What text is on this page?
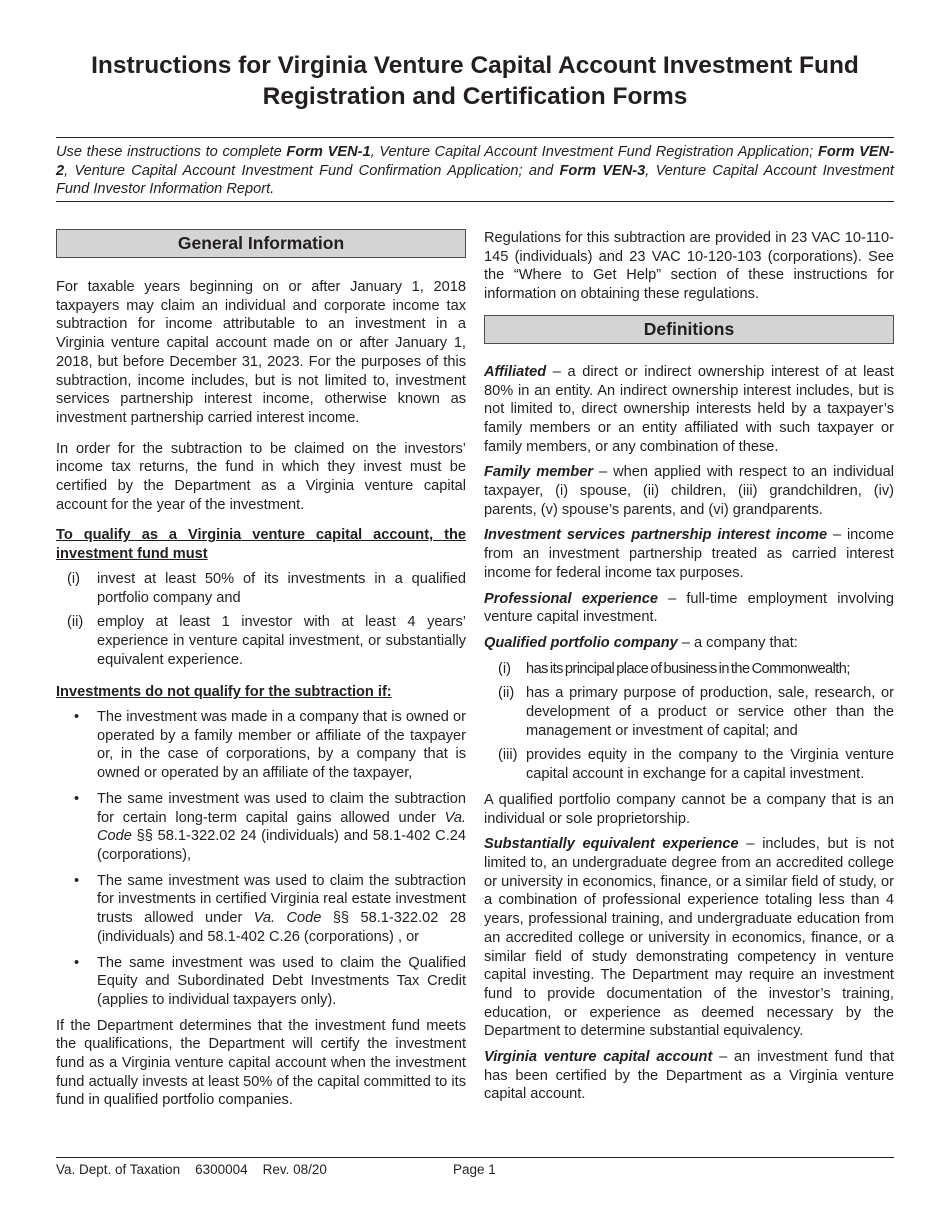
Instructions for Virginia Venture Capital Account Investment Fund Registration and Certification Forms
Use these instructions to complete Form VEN-1, Venture Capital Account Investment Fund Registration Application; Form VEN-2, Venture Capital Account Investment Fund Confirmation Application; and Form VEN-3, Venture Capital Account Investment Fund Investor Information Report.
General Information

For taxable years beginning on or after January 1, 2018 taxpayers may claim an individual and corporate income tax subtraction for income attributable to an investment in a Virginia venture capital account made on or after January 1, 2018, but before December 31, 2023. For the purposes of this subtraction, income includes, but is not limited to, investment services partnership interest income, otherwise known as investment partnership carried interest income.

In order for the subtraction to be claimed on the investors’ income tax returns, the fund in which they invest must be certified by the Department as a Virginia venture capital account for the year of the investment.

To qualify as a Virginia venture capital account, the investment fund must

(i)	invest at least 50% of its investments in a qualified portfolio company and
(ii) employ at least 1 investor with at least 4 years’ experience in venture capital investment, or substantially equivalent experience.

Investments do not qualify for the subtraction if:

•	The investment was made in a company that is owned or operated by a family member or affiliate of the taxpayer or, in the case of corporations, by a company that is owned or operated by an affiliate of the taxpayer,
•	The same investment was used to claim the subtraction for certain long-term capital gains allowed under Va. Code §§ 58.1-322.02 24 (individuals) and 58.1-402 C.24 (corporations),
•	The same investment was used to claim the subtraction for investments in certified Virginia real estate investment trusts allowed under Va. Code §§ 58.1-322.02 28 (individuals) and 58.1-402 C.26 (corporations) , or
•	The same investment was used to claim the Qualified Equity and Subordinated Debt Investments Tax Credit (applies to individual taxpayers only).

If the Department determines that the investment fund meets the qualifications, the Department will certify the investment fund as a Virginia venture capital account when the investment fund actually invests at least 50% of the capital committed to its fund in qualified portfolio companies.

Regulations for this subtraction are provided in 23 VAC 10-110-145 (individuals) and 23 VAC 10-120-103 (corporations). See the “Where to Get Help” section of these instructions for information on obtaining these regulations.

Definitions

Affiliated – a direct or indirect ownership interest of at least 80% in an entity. An indirect ownership interest includes, but is not limited to, direct ownership interests held by a taxpayer’s family members or an entity affiliated with such taxpayer or family members, or any combination of these.

Family member – when applied with respect to an individual taxpayer, (i) spouse, (ii) children, (iii) grandchildren, (iv) parents, (v) spouse’s parents, and (vi) grandparents.

Investment services partnership interest income – income from an investment partnership treated as carried interest income for federal income tax purposes.

Professional experience – full-time employment involving venture capital investment.

Qualified portfolio company – a company that:

(i)	has its principal place of business in the Commonwealth;
(ii) has a primary purpose of production, sale, research, or development of a product or service other than the management or investment of capital; and
(iii) provides equity in the company to the Virginia venture capital account in exchange for a capital investment.

A qualified portfolio company cannot be a company that is an individual or sole proprietorship.

Substantially equivalent experience – includes, but is not limited to, an undergraduate degree from an accredited college or university in economics, finance, or a similar field of study, or a combination of professional experience totaling less than 4 years, professional training, and undergraduate education from an accredited college or university in economics, finance, or a similar field of study demonstrating competency in venture capital investing. The Department may require an investment fund to provide documentation of the investor’s training, education, or experience as deemed necessary by the Department to determine substantial equivalency.

Virginia venture capital account – an investment fund that has been certified by the Department as a Virginia venture capital account.

Va. Dept. of Taxation    6300004    Rev. 08/20	Page 1
